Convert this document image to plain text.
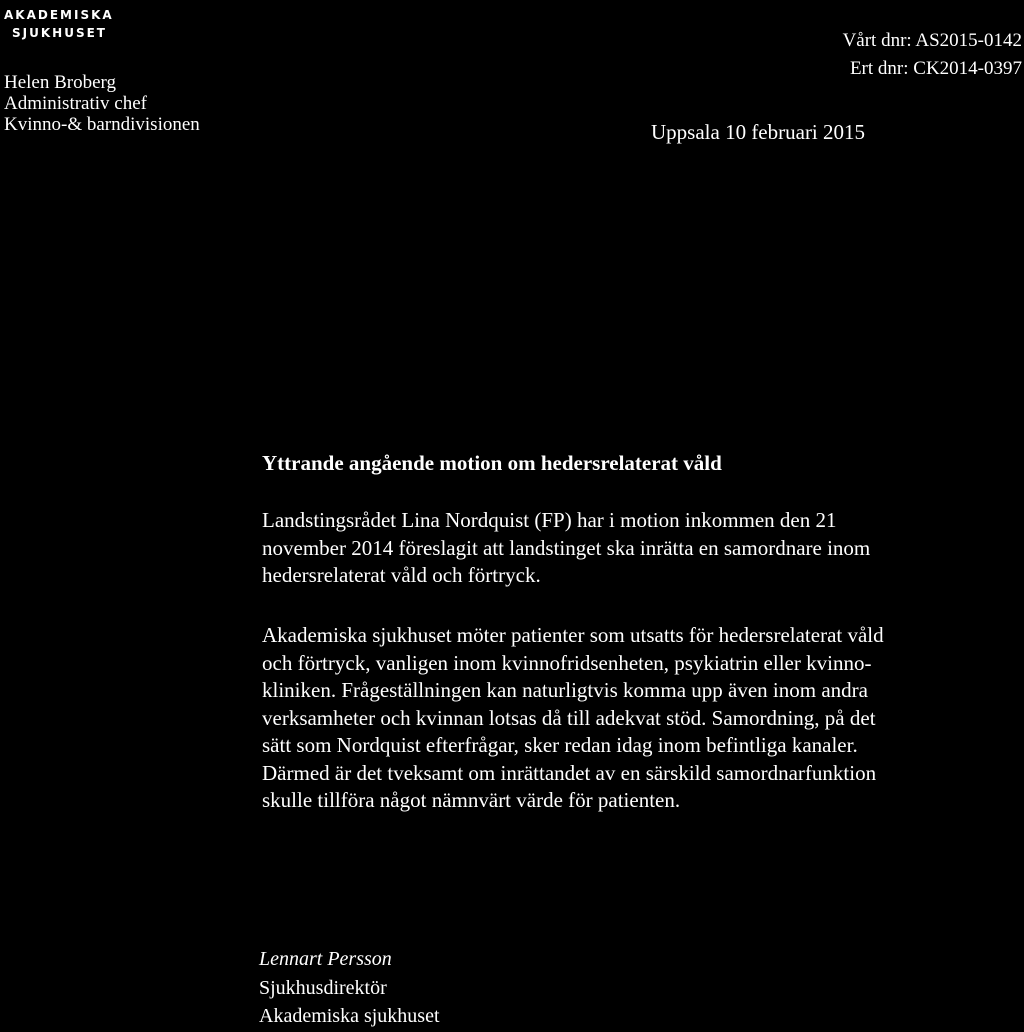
AKADEMISKA
SJUKHUSET
Helen Broberg
Administrativ chef
Kvinno-& barndivisionen
Vårt dnr: AS2015-0142
Ert dnr: CK2014-0397
Uppsala 10 februari 2015
Yttrande angående motion om hedersrelaterat våld

Landstingsrådet Lina Nordquist (FP) har i motion inkommen den 21
november 2014 föreslagit att landstinget ska inrätta en samordnare inom
hedersrelaterat våld och förtryck.

Akademiska sjukhuset möter patienter som utsatts för hedersrelaterat våld
och förtryck, vanligen inom kvinnofridsenheten, psykiatrin eller kvinno-
kliniken. Frågeställningen kan naturligtvis komma upp även inom andra
verksamheter och kvinnan lotsas då till adekvat stöd. Samordning, på det
sätt som Nordquist efterfrågar, sker redan idag inom befintliga kanaler.
Därmed är det tveksamt om inrättandet av en särskild samordnarfunktion
skulle tillföra något nämnvärt värde för patienten.

Lennart Persson
Sjukhusdirektör
Akademiska sjukhuset
